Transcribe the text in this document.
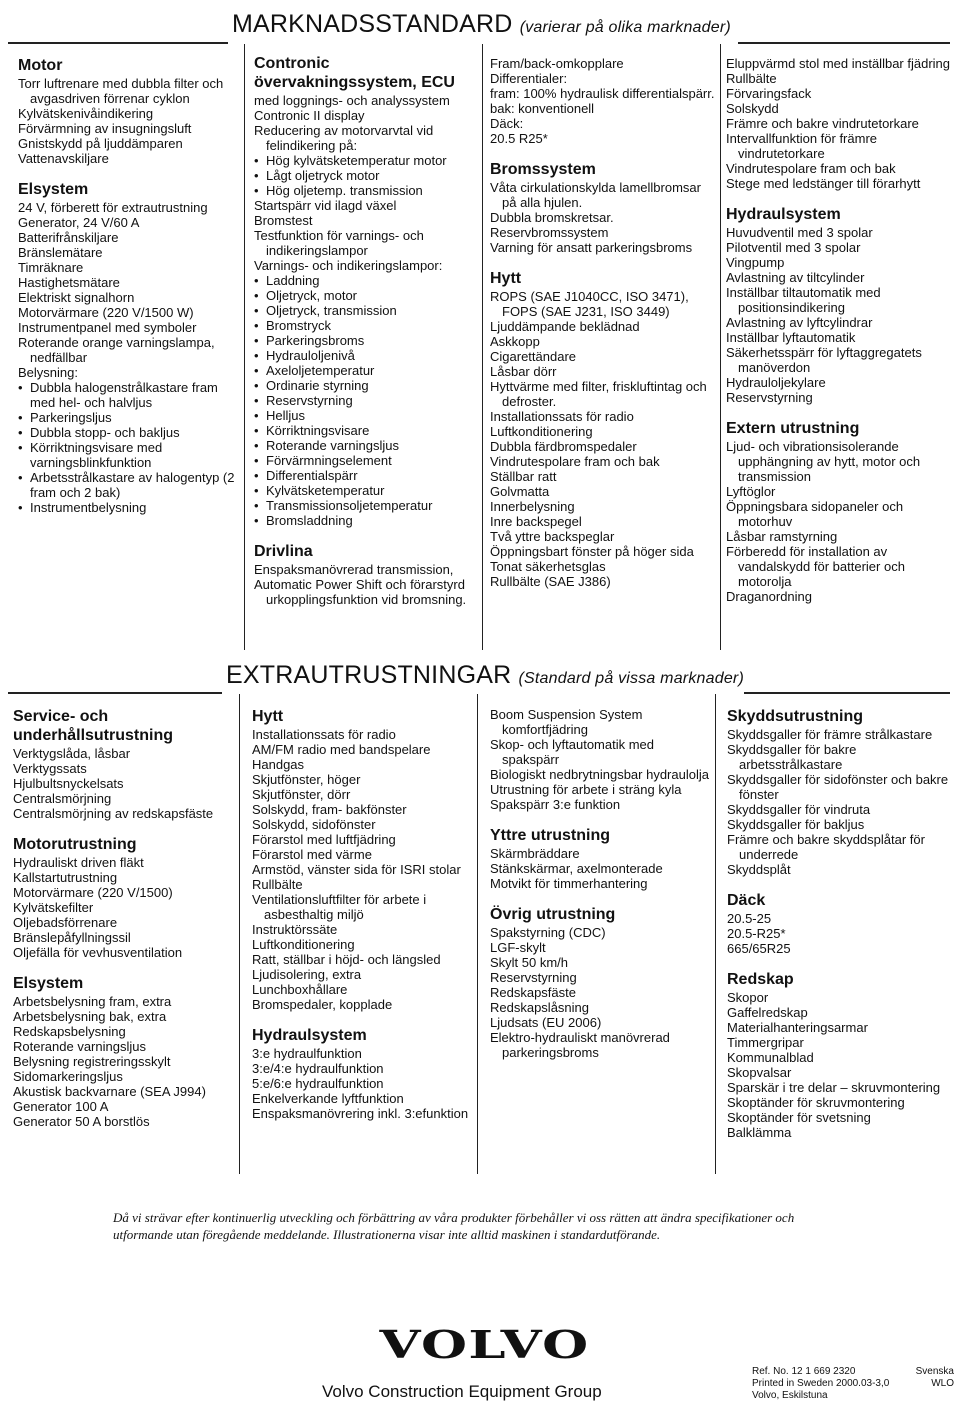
MARKNADSSTANDARD (varierar på olika marknader)
EXTRAUTRUSTNINGAR (Standard på vissa marknader)
Motor
Torr luftrenare med dubbla filter och avgasdriven förrenar cyklon
Kylvätskenivåindikering
Förvärmning av insugningsluft
Gnistskydd på ljuddämparen
Vattenavskiljare
Elsystem
24 V, förberett för extrautrustning
Generator, 24 V/60 A
Batterifrånskiljare
Bränslemätare
Timräknare
Hastighetsmätare
Elektriskt signalhorn
Motorvärmare (220 V/1500 W)
Instrumentpanel med symboler
Roterande orange varningslampa, nedfällbar
Belysning:
• Dubbla halogenstrålkastare fram med hel- och halvljus
• Parkeringsljus
• Dubbla stopp- och bakljus
• Körriktningsvisare med varningsblinkfunktion
• Arbetsstrålkastare av halogentyp (2 fram och 2 bak)
• Instrumentbelysning
Contronic övervakningssystem, ECU
med loggnings- och analyssystem
Contronic II display
Reducering av motorvarvtal vid felindikering på:
• Hög kylvätsketemperatur motor
• Lågt oljetryck motor
• Hög oljetemp. transmission
Startspärr vid ilagd växel
Bromstest
Testfunktion för varnings- och indikeringslampor
Varnings- och indikeringslampor:
• Laddning
• Oljetryck, motor
• Oljetryck, transmission
• Bromstryck
• Parkeringsbroms
• Hydrauloljenivå
• Axeloljetemperatur
• Ordinarie styrning
• Reservstyrning
• Helljus
• Körriktningsvisare
• Roterande varningsljus
• Förvärmningselement
• Differentialspärr
• Kylvätsketemperatur
• Transmissionsoljetemperatur
• Bromsladdning
Drivlina
Enspaksmanövrerad transmission,
Automatic Power Shift och förarstyrd urkopplingsfunktion vid bromsning.
Fram/back-omkopplare
Differentialer:
fram: 100% hydraulisk differentialspärr.
bak: konventionell
Däck:
20.5 R25*
Bromssystem
Våta cirkulationskylda lamellbromsar på alla hjulen.
Dubbla bromskretsar.
Reservbromssystem
Varning för ansatt parkeringsbroms
Hytt
ROPS (SAE J1040CC, ISO 3471), FOPS (SAE J231, ISO 3449)
Ljuddämpande beklädnad
Askkopp
Cigarettändare
Låsbar dörr
Hyttvärme med filter, friskluftintag och defroster.
Installationssats för radio
Luftkonditionering
Dubbla färdbromspedaler
Vindrutespolare fram och bak
Ställbar ratt
Golvmatta
Innerbelysning
Inre backspegel
Två yttre backspeglar
Öppningsbart fönster på höger sida
Tonat säkerhetsglas
Rullbälte (SAE J386)
Eluppvärmd stol med inställbar fjädring
Rullbälte
Förvaringsfack
Solskydd
Främre och bakre vindrutetorkare
Intervallfunktion för främre vindrutetorkare
Vindrutespolare fram och bak
Stege med ledstänger till förarhytt
Hydraulsystem
Huvudventil med 3 spolar
Pilotventil med 3 spolar
Vingpump
Avlastning av tiltcylinder
Inställbar tiltautomatik med positionsindikering
Avlastning av lyftcylindrar
Inställbar lyftautomatik
Säkerhetsspärr för lyftaggregatets manöverdon
Hydrauloljekylare
Reservstyrning
Extern utrustning
Ljud- och vibrationsisolerande upphängning av hytt, motor och transmission
Lyftöglor
Öppningsbara sidopaneler och motorhuv
Låsbar ramstyrning
Förberedd för installation av vandalskydd för batterier och motorolja
Draganordning
Service- och underhållsutrustning
Verktygslåda, låsbar
Verktygssats
Hjulbultsnyckelsats
Centralsmörjning
Centralsmörjning av redskapsfäste
Motorutrustning
Hydrauliskt driven fläkt
Kallstartutrustning
Motorvärmare (220 V/1500)
Kylvätskefilter
Oljebadsförrenare
Bränslepåfyllningssil
Oljefälla för vevhusventilation
Elsystem
Arbetsbelysning fram, extra
Arbetsbelysning bak, extra
Redskapsbelysning
Roterande varningsljus
Belysning registreringsskylt
Sidomarkeringsljus
Akustisk backvarnare (SEA J994)
Generator 100 A
Generator 50 A borstlös
Hytt
Installationssats för radio
AM/FM radio med bandspelare
Handgas
Skjutfönster, höger
Skjutfönster, dörr
Solskydd, fram- bakfönster
Solskydd, sidofönster
Förarstol med luftfjädring
Förarstol med värme
Armstöd, vänster sida för ISRI stolar
Rullbälte
Ventilationsluftfilter för arbete i asbesthaltig miljö
Instruktörssäte
Luftkonditionering
Ratt, ställbar i höjd- och längsled
Ljudisolering, extra
Lunchboxhållare
Bromspedaler, kopplade
Hydraulsystem
3:e hydraulfunktion
3:e/4:e hydraulfunktion
5:e/6:e hydraulfunktion
Enkelverkande lyftfunktion
Enspaksmanövrering inkl. 3:efunktion
Boom Suspension System komfortfjädring
Skop- och lyftautomatik med spakspärr
Biologiskt nedbrytningsbar hydraulolja
Utrustning för arbete i sträng kyla
Spakspärr 3:e funktion
Yttre utrustning
Skärmbräddare
Stänkskärmar, axelmonterade
Motvikt för timmerhantering
Övrig utrustning
Spakstyrning (CDC)
LGF-skylt
Skylt 50 km/h
Reservstyrning
Redskapsfäste
Redskapslåsning
Ljudsats (EU 2006)
Elektro-hydrauliskt manövrerad parkeringsbroms
Skyddsutrustning
Skyddsgaller för främre strålkastare
Skyddsgaller för bakre arbetsstrålkastare
Skyddsgaller för sidofönster och bakre fönster
Skyddsgaller för vindruta
Skyddsgaller för bakljus
Främre och bakre skyddsplåtar för underrede
Skyddsplåt
Däck
20.5-25
20.5-R25*
665/65R25
Redskap
Skopor
Gaffelredskap
Materialhanteringsarmar
Timmergripar
Kommunalblad
Skopvalsar
Sparskär i tre delar – skruvmontering
Skoptänder för skruvmontering
Skoptänder för svetsning
Balklämma
Då vi strävar efter kontinuerlig utveckling och förbättring av våra produkter förbehåller vi oss rätten att ändra specifikationer och utformande utan föregående meddelande. Illustrationerna visar inte alltid maskinen i standardutförande.
VOLVO
Volvo Construction Equipment Group
Ref. No. 12 1 669 2320
Printed in Sweden 2000.03-3,0
Volvo, Eskilstuna
Svenska
WLO
